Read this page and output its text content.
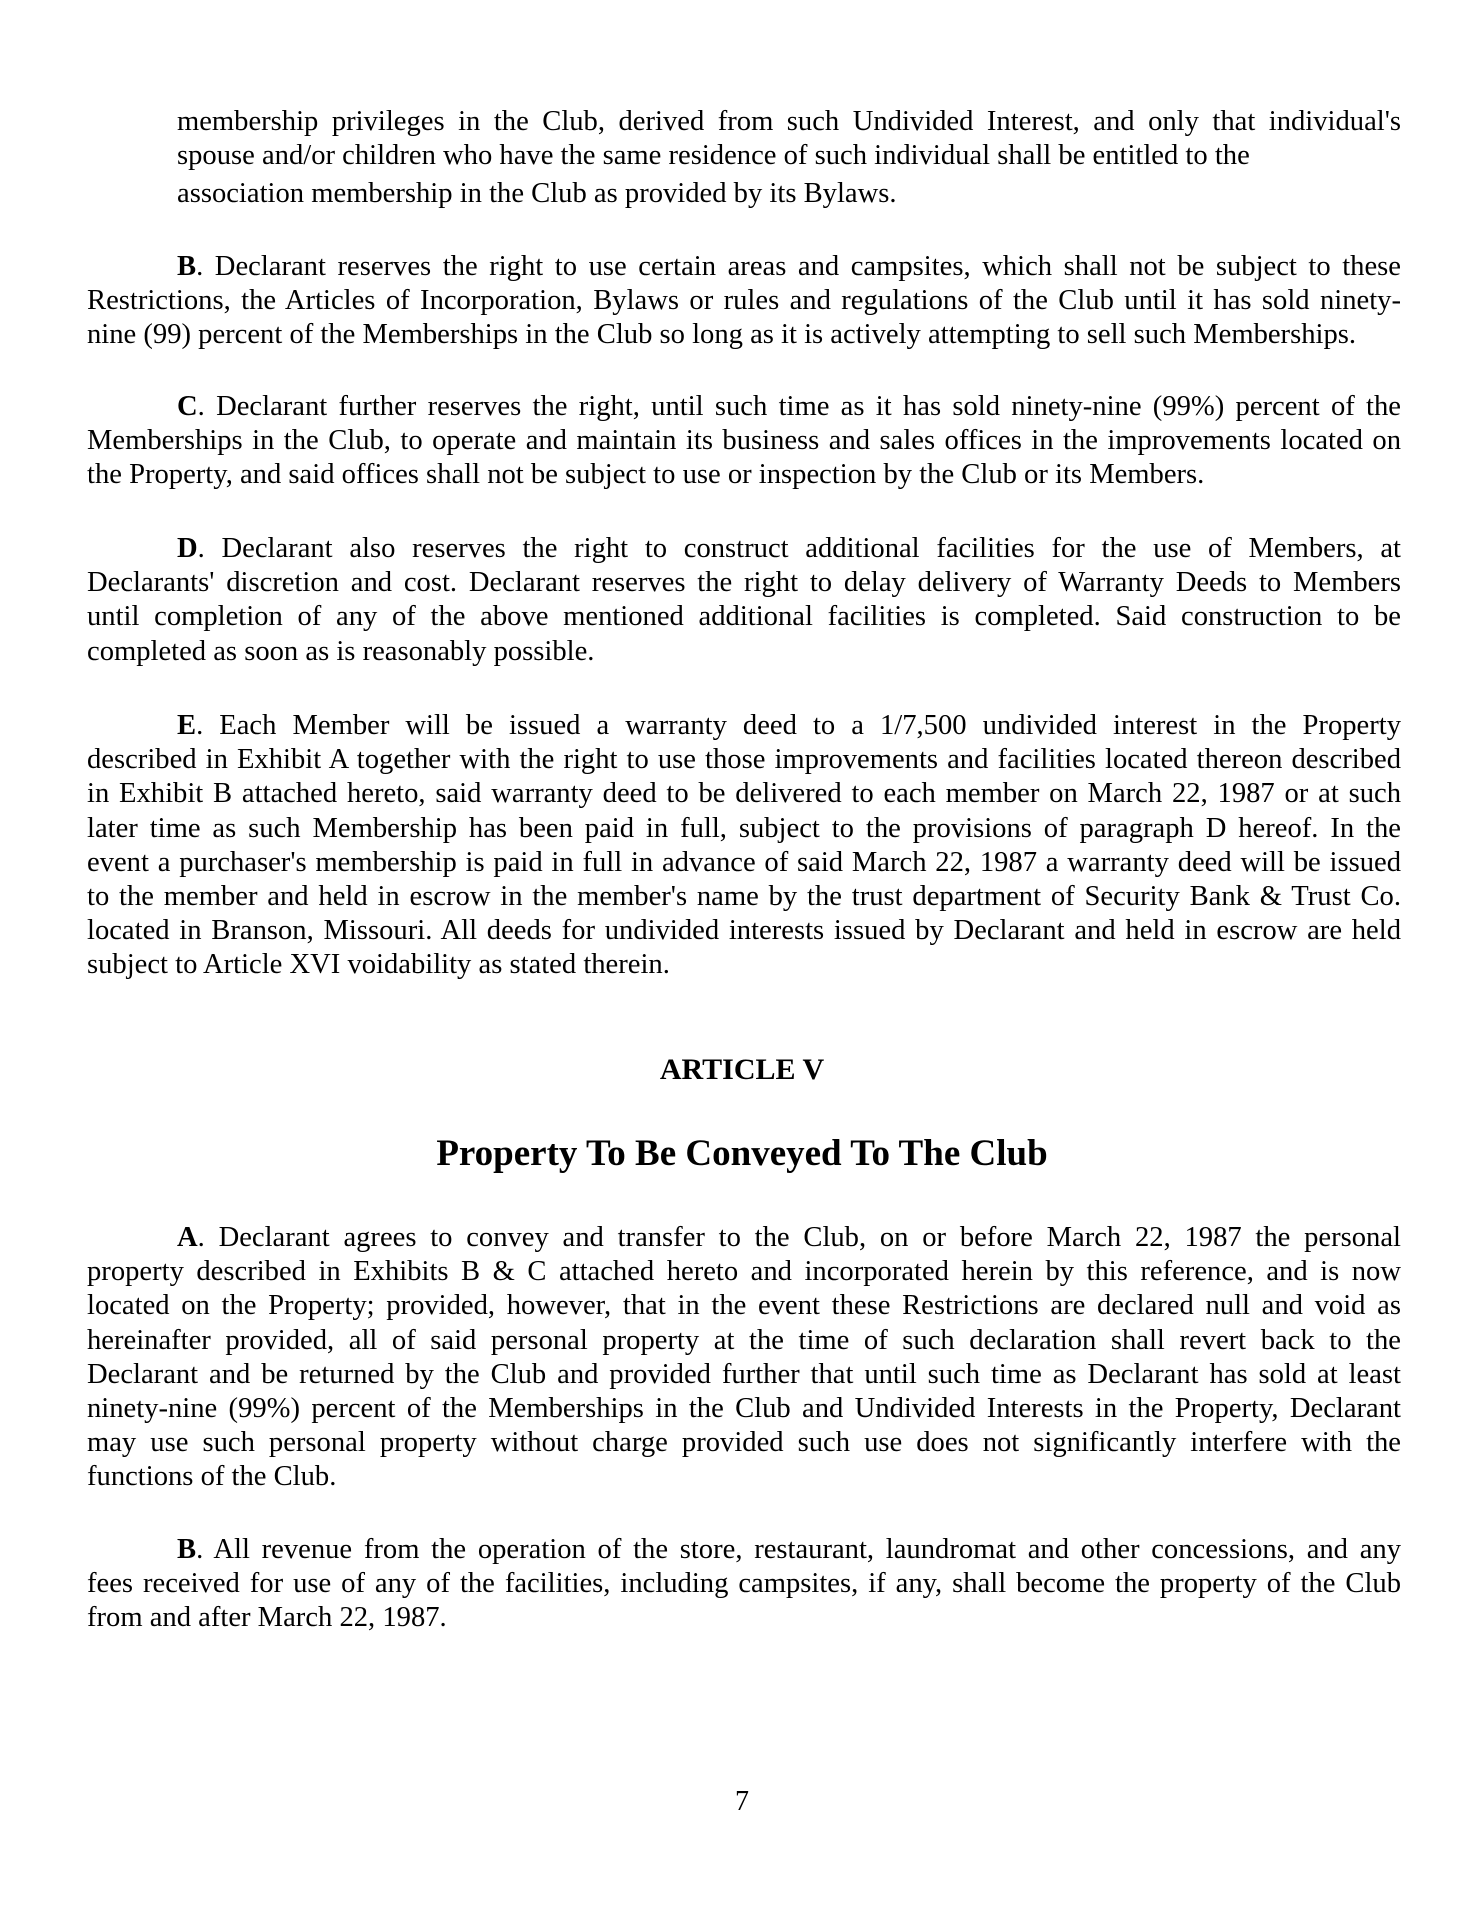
membership privileges in the Club, derived from such Undivided Interest, and only that individual's
spouse and/or children who have the same residence of such individual shall be entitled to the
association membership in the Club as provided by its Bylaws.
B. Declarant reserves the right to use certain areas and campsites, which shall not be subject to these
Restrictions, the Articles of Incorporation, Bylaws or rules and regulations of the Club until it has sold ninety-
nine (99) percent of the Memberships in the Club so long as it is actively attempting to sell such Memberships.
C. Declarant further reserves the right, until such time as it has sold ninety-nine (99%) percent of the
Memberships in the Club, to operate and maintain its business and sales offices in the improvements located on
the Property, and said offices shall not be subject to use or inspection by the Club or its Members.
D. Declarant also reserves the right to construct additional facilities for the use of Members, at
Declarants' discretion and cost. Declarant reserves the right to delay delivery of Warranty Deeds to Members
until completion of any of the above mentioned additional facilities is completed. Said construction to be
completed as soon as is reasonably possible.
E. Each Member will be issued a warranty deed to a 1/7,500 undivided interest in the Property
described in Exhibit A together with the right to use those improvements and facilities located thereon described
in Exhibit B attached hereto, said warranty deed to be delivered to each member on March 22, 1987 or at such
later time as such Membership has been paid in full, subject to the provisions of paragraph D hereof. In the
event a purchaser's membership is paid in full in advance of said March 22, 1987 a warranty deed will be issued
to the member and held in escrow in the member's name by the trust department of Security Bank & Trust Co.
located in Branson, Missouri. All deeds for undivided interests issued by Declarant and held in escrow are held
subject to Article XVI voidability as stated therein.
ARTICLE V
Property To Be Conveyed To The Club
A. Declarant agrees to convey and transfer to the Club, on or before March 22, 1987 the personal
property described in Exhibits B & C attached hereto and incorporated herein by this reference, and is now
located on the Property; provided, however, that in the event these Restrictions are declared null and void as
hereinafter provided, all of said personal property at the time of such declaration shall revert back to the
Declarant and be returned by the Club and provided further that until such time as Declarant has sold at least
ninety-nine (99%) percent of the Memberships in the Club and Undivided Interests in the Property, Declarant
may use such personal property without charge provided such use does not significantly interfere with the
functions of the Club.
B. All revenue from the operation of the store, restaurant, laundromat and other concessions, and any
fees received for use of any of the facilities, including campsites, if any, shall become the property of the Club
from and after March 22, 1987.
7
